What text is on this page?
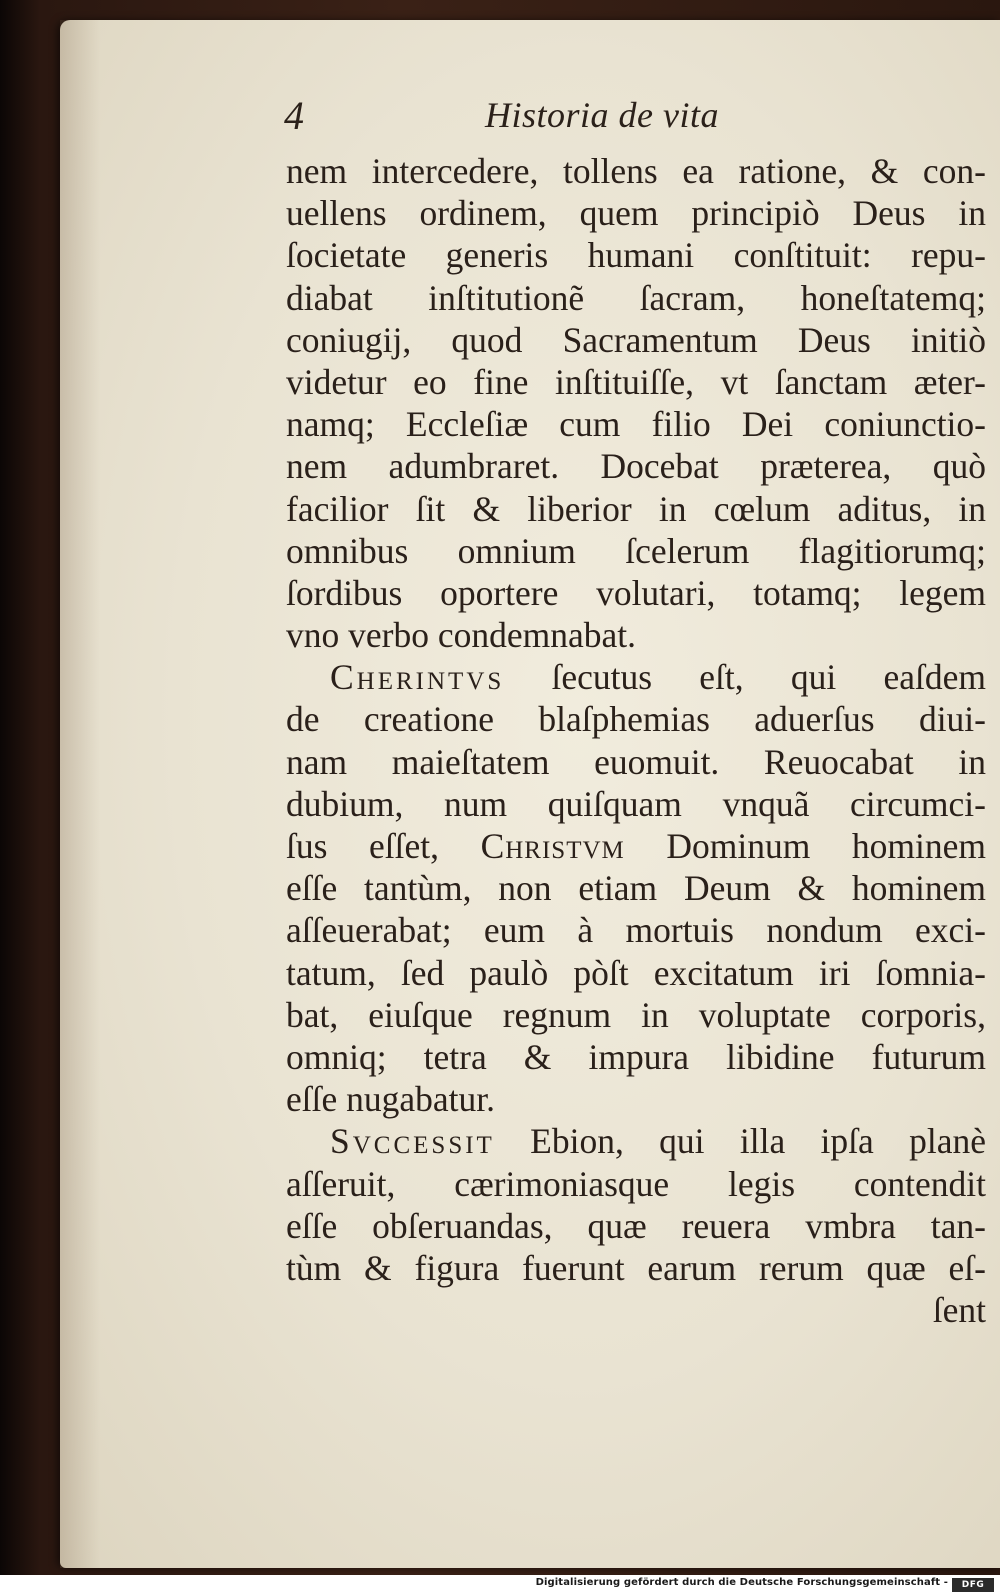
4	Historia de vita
nem intercedere, tollens ea ratione, & con-
uellens ordinem, quem principiò Deus in
ſocietate generis humani conſtituit: repu-
diabat inſtitutionẽ ſacram, honeſtatemq;
coniugij, quod Sacramentum Deus initiò
videtur eo fine inſtituiſſe, vt ſanctam æter-
namq; Eccleſiæ cum filio Dei coniunctio-
nem adumbraret. Docebat præterea, quò
facilior ſit & liberior in cœlum aditus, in
omnibus omnium ſcelerum flagitiorumq;
ſordibus oportere volutari, totamq; legem
vno verbo condemnabat.
Cherintvs ſecutus eſt, qui eaſdem
de creatione blaſphemias aduerſus diui-
nam maieſtatem euomuit. Reuocabat in
dubium, num quiſquam vnquã circumci-
ſus eſſet, Christvm Dominum hominem
eſſe tantùm, non etiam Deum & hominem
aſſeuerabat; eum à mortuis nondum exci-
tatum, ſed paulò pòſt excitatum iri ſomnia-
bat, eiuſque regnum in voluptate corporis,
omniq; tetra & impura libidine futurum
eſſe nugabatur.
Svccessit Ebion, qui illa ipſa planè
aſſeruit, cærimoniasque legis contendit
eſſe obſeruandas, quæ reuera vmbra tan-
tùm & figura fuerunt earum rerum quæ eſ-
ſent
Digitalisierung gefördert durch die Deutsche Forschungsgemeinschaft -	DFG
